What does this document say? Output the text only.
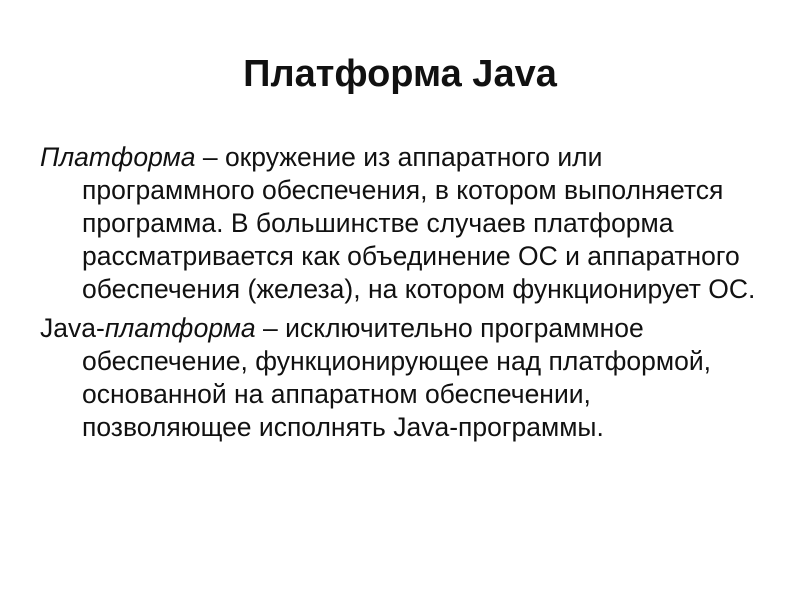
Платформа Java

Платформа – окружение из аппаратного или программного обеспечения, в котором выполняется программа. В большинстве случаев платформа рассматривается как объединение ОС и аппаратного обеспечения (железа), на котором функционирует ОС.

Java-платформа – исключительно программное обеспечение, функционирующее над платформой, основанной на аппаратном обеспечении, позволяющее исполнять Java-программы.
